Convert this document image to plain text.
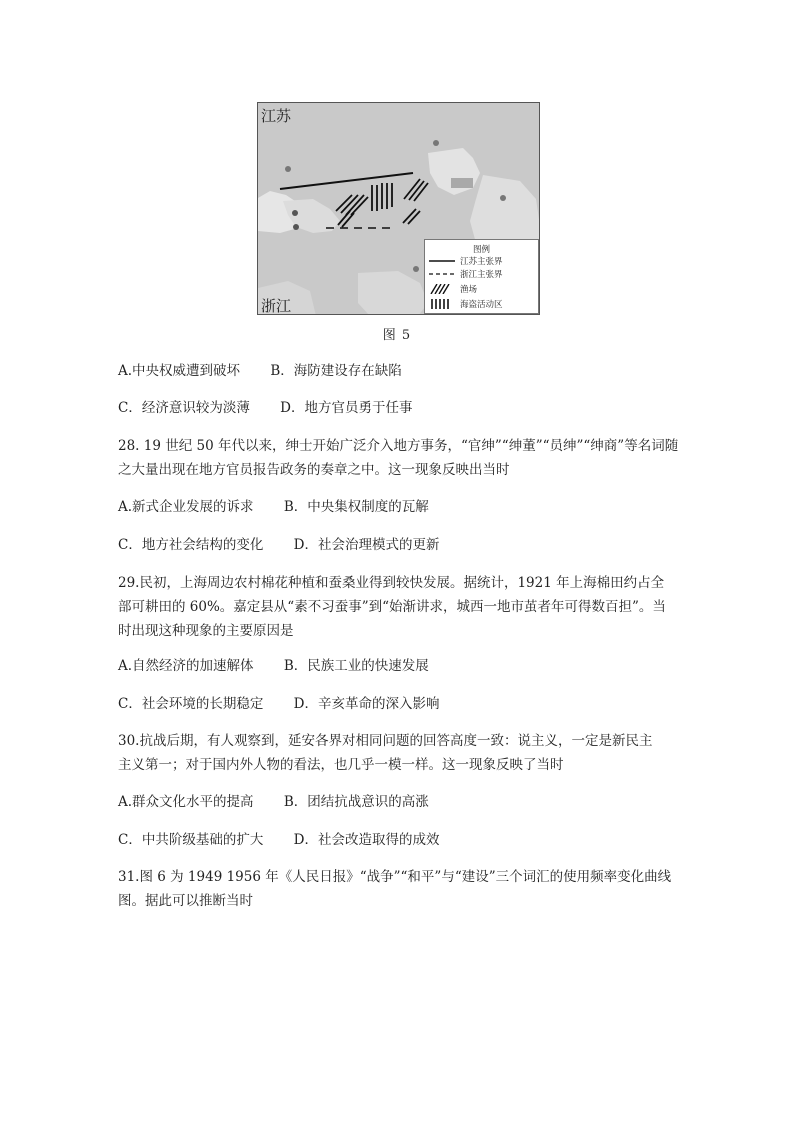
江苏
浙江
图例
江苏主张界
浙江主张界
渔场
海盗活动区
图 5
A.中央权威遭到破坏 B．海防建设存在缺陷
C．经济意识较为淡薄 D．地方官员勇于任事
28. 19 世纪 50 年代以来，绅士开始广泛介入地方事务，“官绅”“绅董”“员绅”“绅商”等名词随
之大量出现在地方官员报告政务的奏章之中。这一现象反映出当时
A.新式企业发展的诉求 B．中央集权制度的瓦解
C．地方社会结构的变化 D．社会治理模式的更新
29.民初，上海周边农村棉花种植和蚕桑业得到较快发展。据统计，1921 年上海棉田约占全
部可耕田的 60%。嘉定县从“素不习蚕事”到“始渐讲求，城西一地市茧者年可得数百担”。当
时出现这种现象的主要原因是
A.自然经济的加速解体 B．民族工业的快速发展
C．社会环境的长期稳定 D．辛亥革命的深入影响
30.抗战后期，有人观察到，延安各界对相同问题的回答高度一致：说主义，一定是新民主
主义第一；对于国内外人物的看法，也几乎一模一样。这一现象反映了当时
A.群众文化水平的提高 B．团结抗战意识的高涨
C．中共阶级基础的扩大 D．社会改造取得的成效
31.图 6 为 1949 1956 年《人民日报》“战争”“和平”与“建设”三个词汇的使用频率变化曲线
图。据此可以推断当时
